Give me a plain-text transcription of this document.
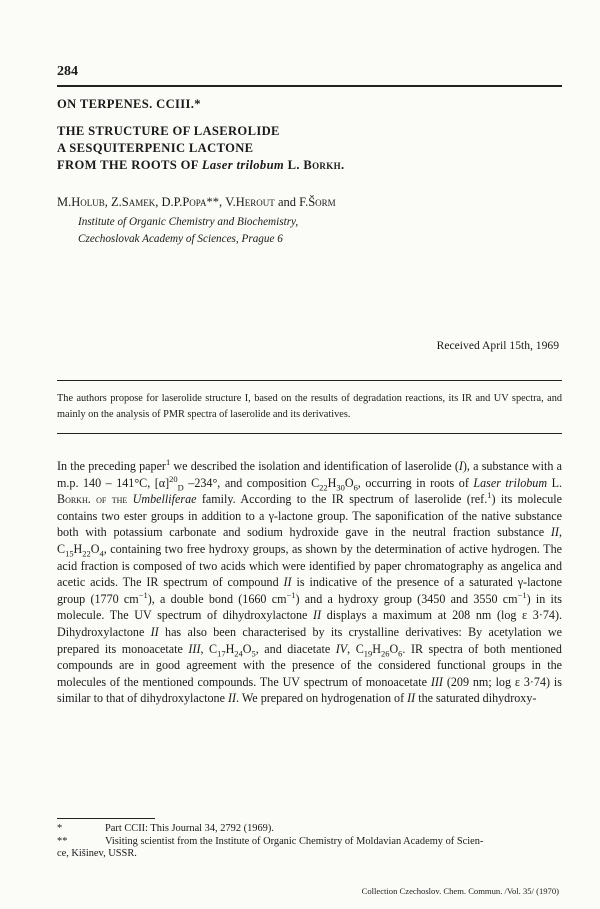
284
ON TERPENES. CCIII.*
THE STRUCTURE OF LASEROLIDE
A SESQUITERPENIC LACTONE
FROM THE ROOTS OF Laser trilobum L. Borkh.
M.Holub, Z.Samek, D.P.Popa**, V.Herout and F.Šorm
Institute of Organic Chemistry and Biochemistry,
Czechoslovak Academy of Sciences, Prague 6
Received April 15th, 1969
The authors propose for laserolide structure I, based on the results of degradation reactions, its IR and UV spectra, and mainly on the analysis of PMR spectra of laserolide and its derivatives.
In the preceding paper$^1$ we described the isolation and identification of laserolide (I), a substance with a m.p. 140 – 141°C, $[\alpha]^{20}_D$ –234°, and composition $C_{22}H_{30}O_6$, occurring in roots of Laser trilobum L. Borkh. of the Umbelliferae family. According to the IR spectrum of laserolide (ref.$^1$) its molecule contains two ester groups in addition to a γ-lactone group. The saponification of the native substance both with potassium carbonate and sodium hydroxide gave in the neutral fraction substance II, $C_{15}H_{22}O_4$, containing two free hydroxy groups, as shown by the determination of active hydrogen. The acid fraction is composed of two acids which were identified by paper chromatography as angelica and acetic acids. The IR spectrum of compound II is indicative of the presence of a saturated γ-lactone group (1770 $cm^{-1}$), a double bond (1660 $cm^{-1}$) and a hydroxy group (3450 and 3550 $cm^{-1}$) in its molecule. The UV spectrum of dihydroxylactone II displays a maximum at 208 nm (log ε 3·74). Dihydroxylactone II has also been characterised by its crystalline derivatives: By acetylation we prepared its monoacetate III, $C_{17}H_{24}O_5$, and diacetate IV, $C_{19}H_{26}O_6$. IR spectra of both mentioned compounds are in good agreement with the presence of the considered functional groups in the molecules of the mentioned compounds. The UV spectrum of monoacetate III (209 nm; log ε 3·74) is similar to that of dihydroxylactone II. We prepared on hydrogenation of II the saturated dihydroxy-
*	Part CCII: This Journal 34, 2792 (1969).
**	Visiting scientist from the Institute of Organic Chemistry of Moldavian Academy of Scien-
ce, Kišinev, USSR.
Collection Czechoslov. Chem. Commun. /Vol. 35/ (1970)
